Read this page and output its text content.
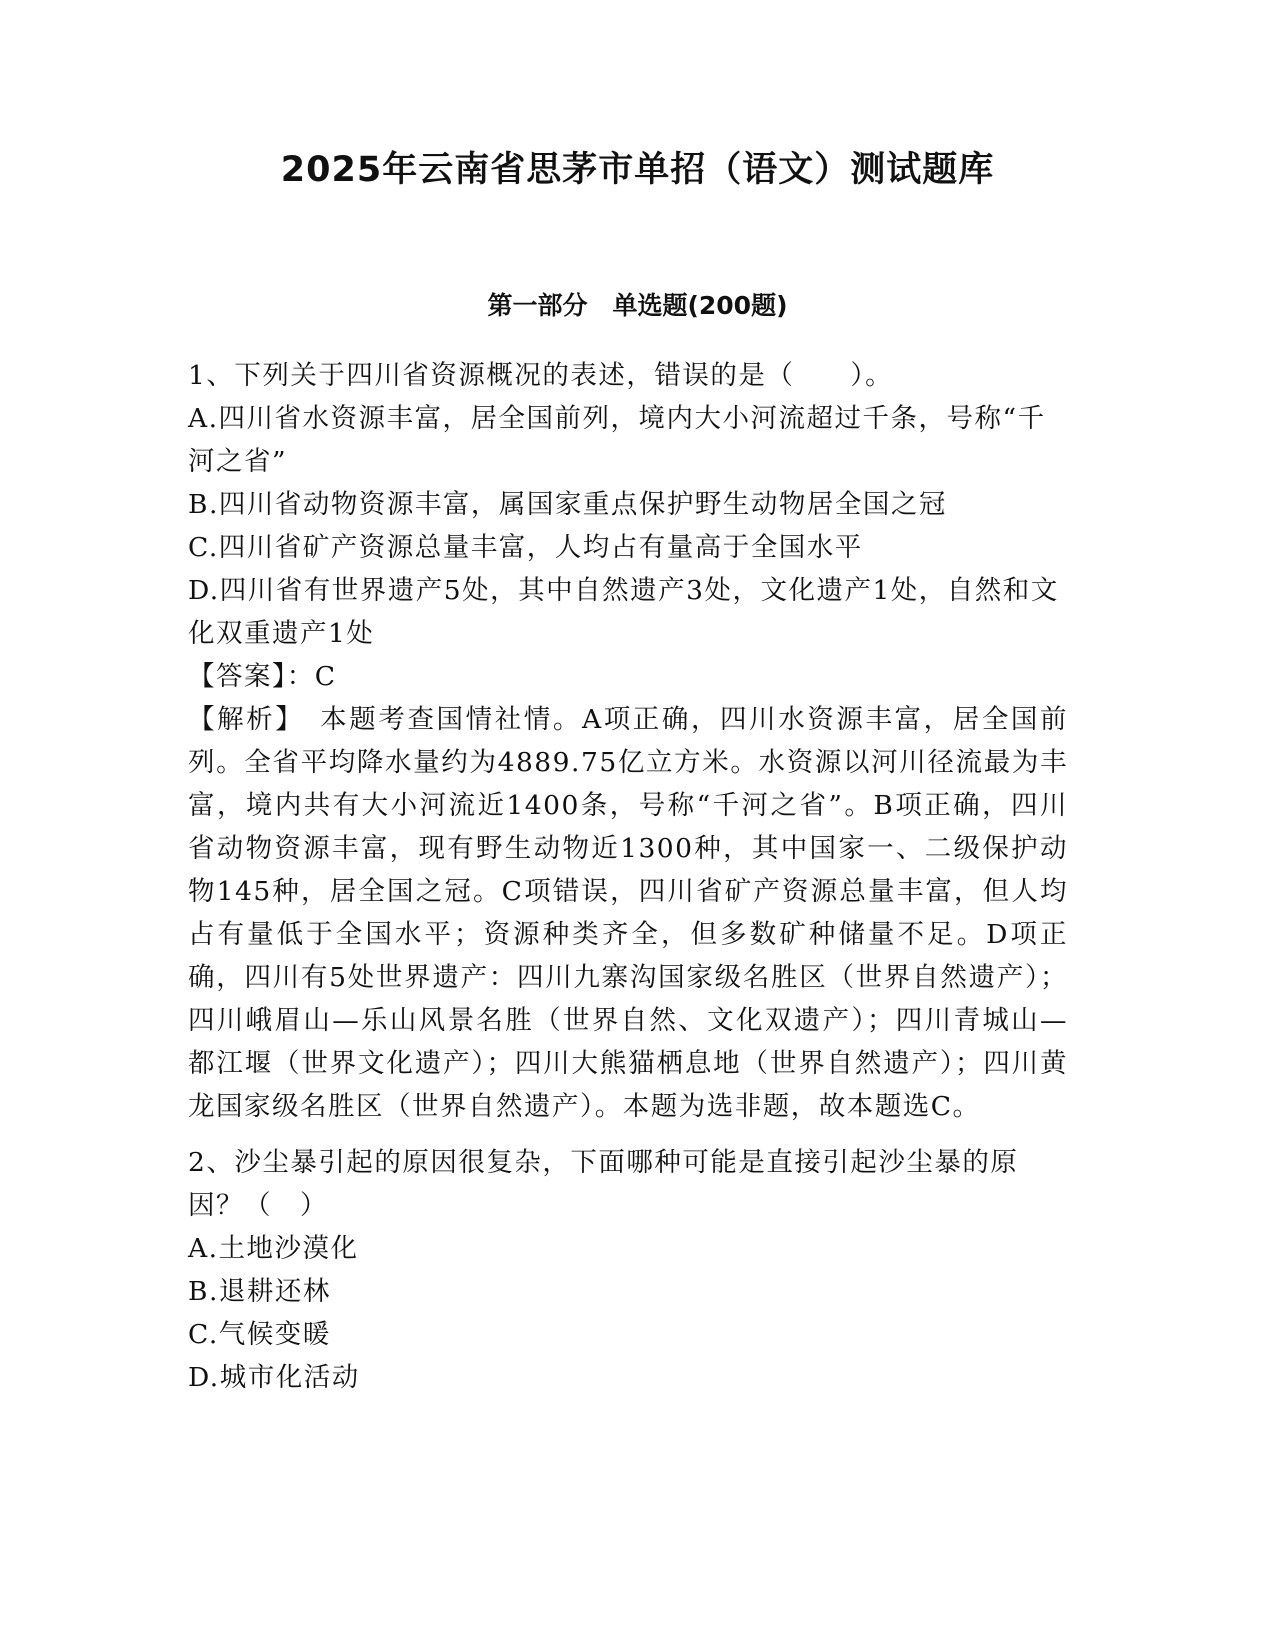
2025年云南省思茅市单招（语文）测试题库
第一部分　单选题(200题)

1、下列关于四川省资源概况的表述，错误的是（　　）。

A.四川省水资源丰富，居全国前列，境内大小河流超过千条，号称“千河之省”

B.四川省动物资源丰富，属国家重点保护野生动物居全国之冠

C.四川省矿产资源总量丰富，人均占有量高于全国水平

D.四川省有世界遗产5处，其中自然遗产3处，文化遗产1处，自然和文化双重遗产1处

【答案】：C

【解析】　本题考查国情社情。A项正确，四川水资源丰富，居全国前列。全省平均降水量约为4889.75亿立方米。水资源以河川径流最为丰富，境内共有大小河流近1400条，号称“千河之省”。B项正确，四川省动物资源丰富，现有野生动物近1300种，其中国家一、二级保护动物145种，居全国之冠。C项错误，四川省矿产资源总量丰富，但人均占有量低于全国水平；资源种类齐全，但多数矿种储量不足。D项正确，四川有5处世界遗产：四川九寨沟国家级名胜区（世界自然遗产）；四川峨眉山—乐山风景名胜（世界自然、文化双遗产）；四川青城山—都江堰（世界文化遗产）；四川大熊猫栖息地（世界自然遗产）；四川黄龙国家级名胜区（世界自然遗产）。本题为选非题，故本题选C。

2、沙尘暴引起的原因很复杂，下面哪种可能是直接引起沙尘暴的原因？（　）

A.土地沙漠化

B.退耕还林

C.气候变暖

D.城市化活动
